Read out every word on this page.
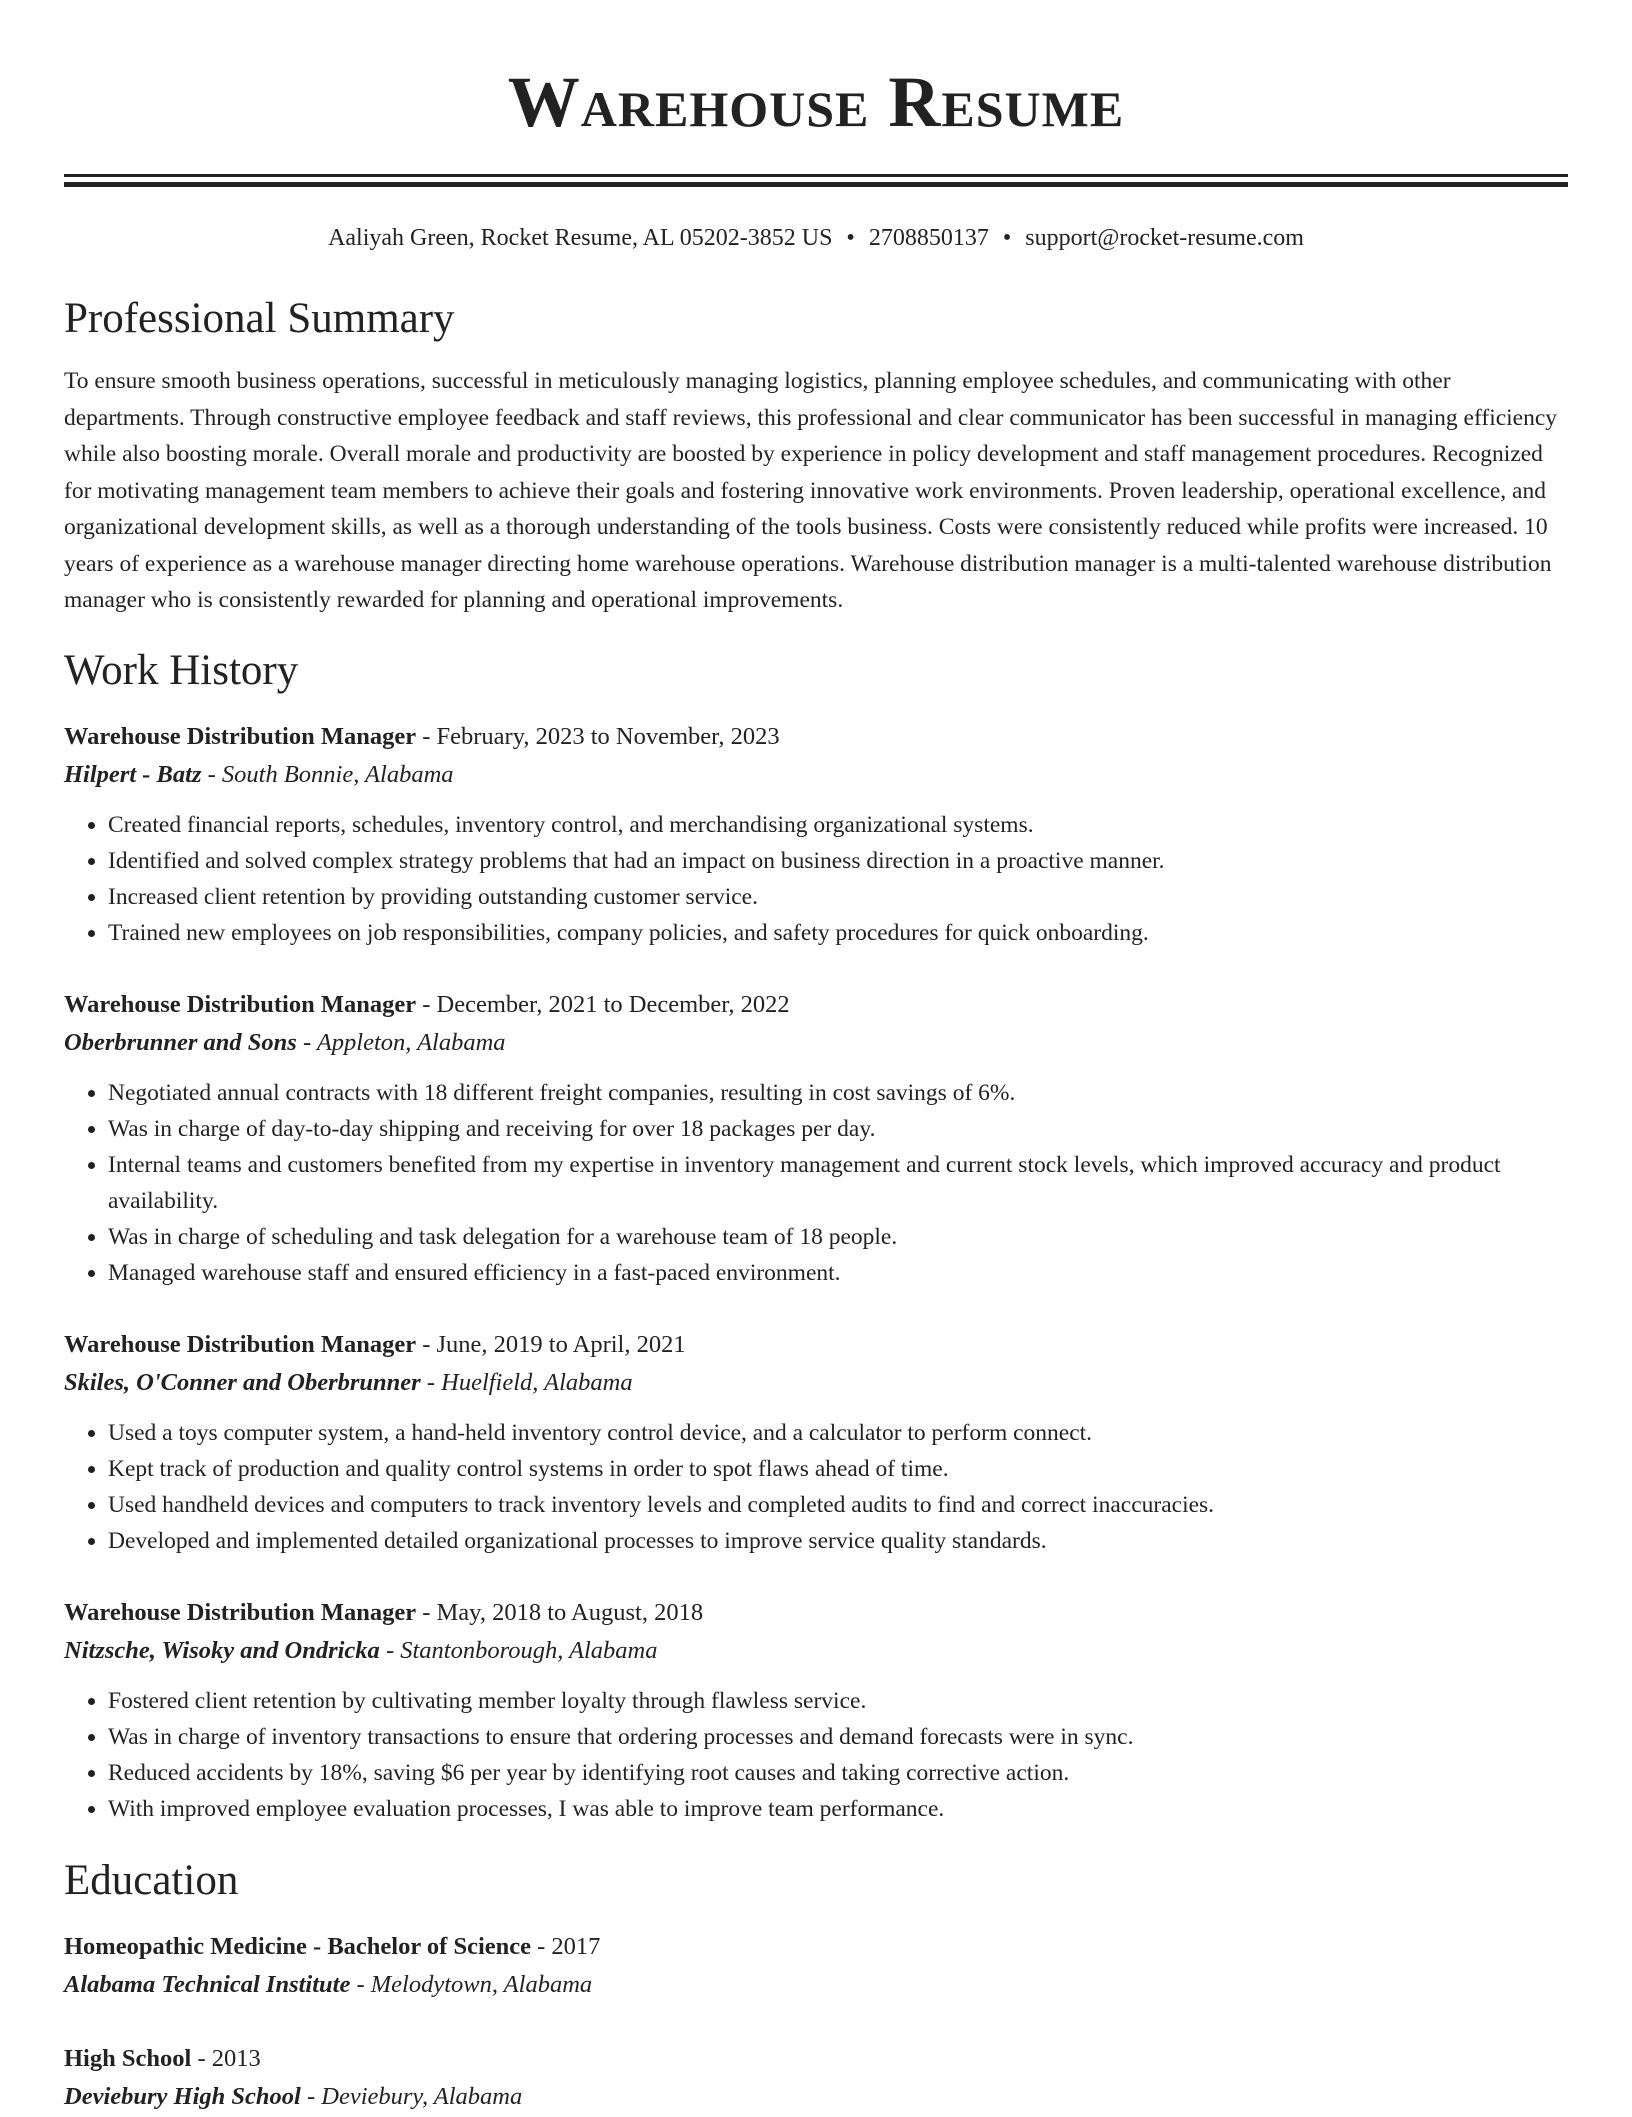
Warehouse Resume
Aaliyah Green, Rocket Resume, AL 05202-3852 US • 2708850137 • support@rocket-resume.com
Professional Summary
To ensure smooth business operations, successful in meticulously managing logistics, planning employee schedules, and communicating with other departments. Through constructive employee feedback and staff reviews, this professional and clear communicator has been successful in managing efficiency while also boosting morale. Overall morale and productivity are boosted by experience in policy development and staff management procedures. Recognized for motivating management team members to achieve their goals and fostering innovative work environments. Proven leadership, operational excellence, and organizational development skills, as well as a thorough understanding of the tools business. Costs were consistently reduced while profits were increased. 10 years of experience as a warehouse manager directing home warehouse operations. Warehouse distribution manager is a multi-talented warehouse distribution manager who is consistently rewarded for planning and operational improvements.
Work History
Warehouse Distribution Manager - February, 2023 to November, 2023
Hilpert - Batz - South Bonnie, Alabama
• Created financial reports, schedules, inventory control, and merchandising organizational systems.
• Identified and solved complex strategy problems that had an impact on business direction in a proactive manner.
• Increased client retention by providing outstanding customer service.
• Trained new employees on job responsibilities, company policies, and safety procedures for quick onboarding.
Warehouse Distribution Manager - December, 2021 to December, 2022
Oberbrunner and Sons - Appleton, Alabama
• Negotiated annual contracts with 18 different freight companies, resulting in cost savings of 6%.
• Was in charge of day-to-day shipping and receiving for over 18 packages per day.
• Internal teams and customers benefited from my expertise in inventory management and current stock levels, which improved accuracy and product availability.
• Was in charge of scheduling and task delegation for a warehouse team of 18 people.
• Managed warehouse staff and ensured efficiency in a fast-paced environment.
Warehouse Distribution Manager - June, 2019 to April, 2021
Skiles, O'Conner and Oberbrunner - Huelfield, Alabama
• Used a toys computer system, a hand-held inventory control device, and a calculator to perform connect.
• Kept track of production and quality control systems in order to spot flaws ahead of time.
• Used handheld devices and computers to track inventory levels and completed audits to find and correct inaccuracies.
• Developed and implemented detailed organizational processes to improve service quality standards.
Warehouse Distribution Manager - May, 2018 to August, 2018
Nitzsche, Wisoky and Ondricka - Stantonborough, Alabama
• Fostered client retention by cultivating member loyalty through flawless service.
• Was in charge of inventory transactions to ensure that ordering processes and demand forecasts were in sync.
• Reduced accidents by 18%, saving $6 per year by identifying root causes and taking corrective action.
• With improved employee evaluation processes, I was able to improve team performance.
Education
Homeopathic Medicine - Bachelor of Science - 2017
Alabama Technical Institute - Melodytown, Alabama
High School - 2013
Deviebury High School - Deviebury, Alabama
